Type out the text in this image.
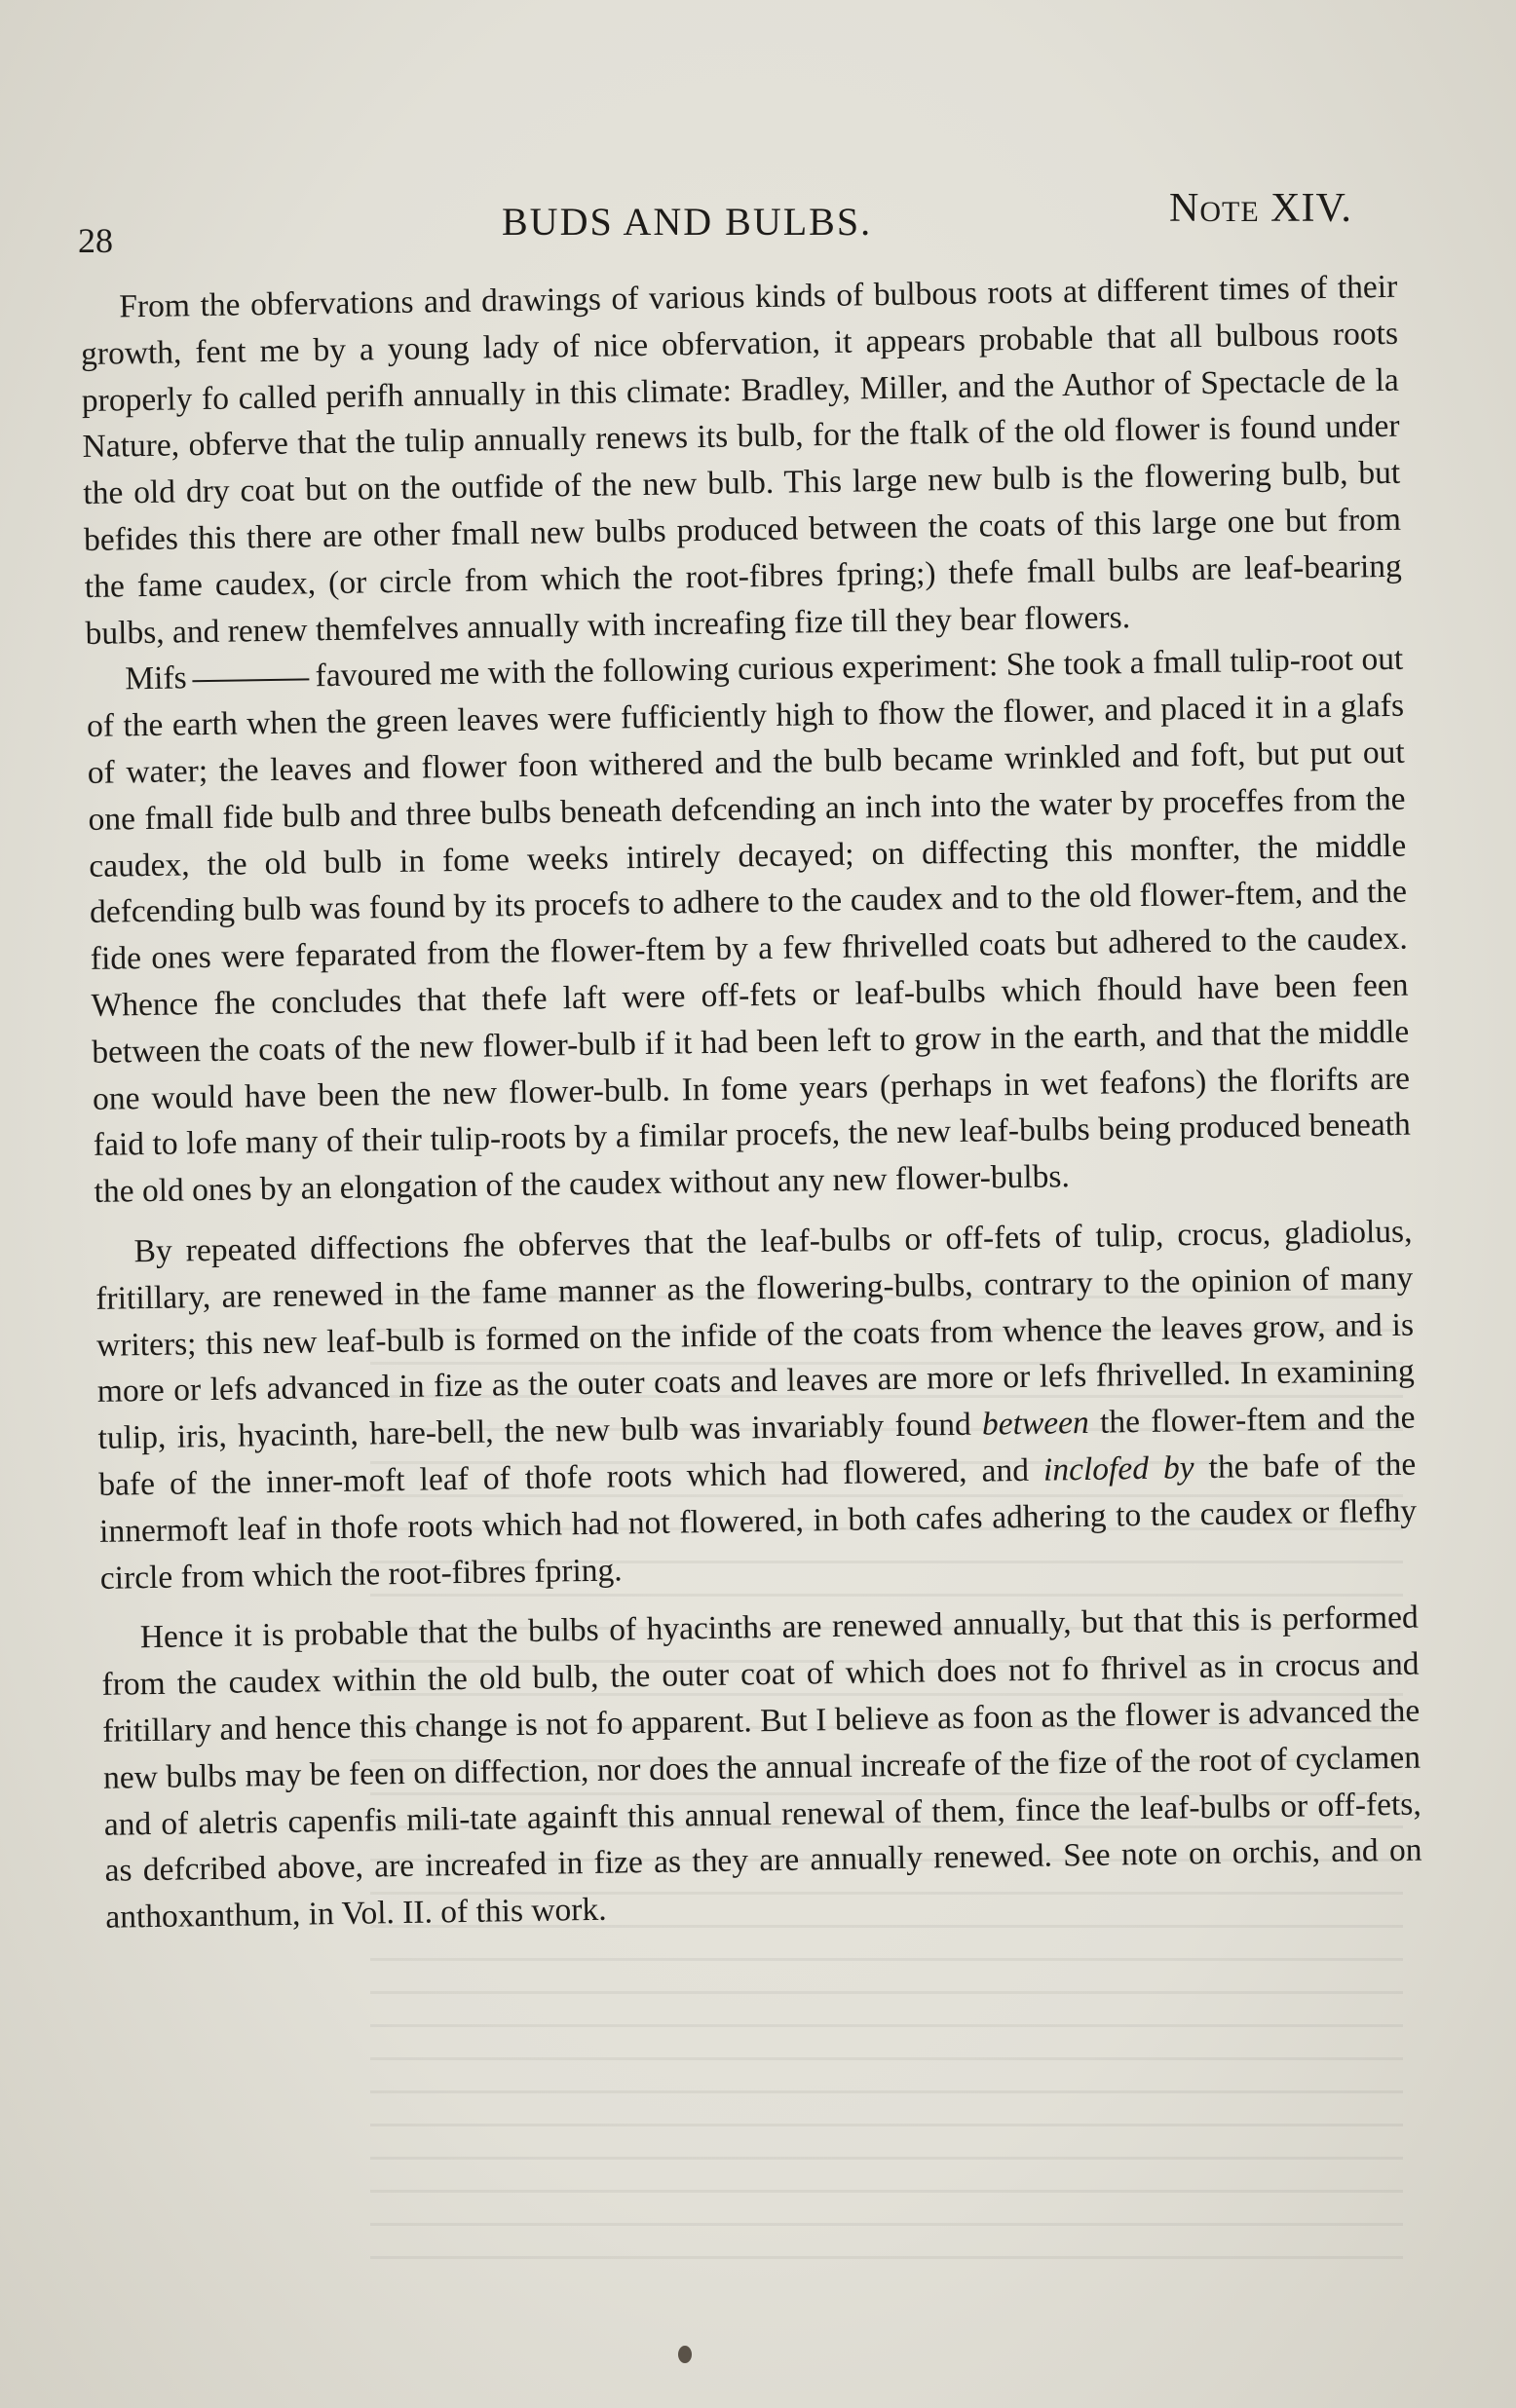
28	BUDS AND BULBS.	NOTE XIV.

From the obfervations and drawings of various kinds of bulbous roots at different times of their growth, fent me by a young lady of nice obfervation, it appears probable that all bulbous roots properly fo called perifh annually in this climate: Bradley, Miller, and the Author of Spectacle de la Nature, obferve that the tulip annually renews its bulb, for the ftalk of the old flower is found under the old dry coat but on the outfide of the new bulb. This large new bulb is the flowering bulb, but befides this there are other fmall new bulbs produced between the coats of this large one but from the fame caudex, (or circle from which the root-fibres fpring;) thefe fmall bulbs are leaf-bearing bulbs, and renew themfelves annually with increafing fize till they bear flowers.

Mifs	favoured me with the following curious experiment: She took a fmall tulip-root out of the earth when the green leaves were fufficiently high to fhow the flower, and placed it in a glafs of water; the leaves and flower foon withered and the bulb became wrinkled and foft, but put out one fmall fide bulb and three bulbs beneath defcending an inch into the water by proceffes from the caudex, the old bulb in fome weeks intirely decayed; on diffecting this monfter, the middle defcending bulb was found by its procefs to adhere to the caudex and to the old flower-ftem, and the fide ones were feparated from the flower-ftem by a few fhrivelled coats but adhered to the caudex. Whence fhe concludes that thefe laft were off-fets or leaf-bulbs which fhould have been feen between the coats of the new flower-bulb if it had been left to grow in the earth, and that the middle one would have been the new flower-bulb. In fome years (perhaps in wet feafons) the florifts are faid to lofe many of their tulip-roots by a fimilar procefs, the new leaf-bulbs being produced beneath the old ones by an elongation of the caudex without any new flower-bulbs.

By repeated diffections fhe obferves that the leaf-bulbs or off-fets of tulip, crocus, gladiolus, fritillary, are renewed in the fame manner as the flowering-bulbs, contrary to the opinion of many writers; this new leaf-bulb is formed on the infide of the coats from whence the leaves grow, and is more or lefs advanced in fize as the outer coats and leaves are more or lefs fhrivelled. In examining tulip, iris, hyacinth, hare-bell, the new bulb was invariably found between the flower-ftem and the bafe of the inner-moft leaf of thofe roots which had flowered, and inclofed by the bafe of the innermoft leaf in thofe roots which had not flowered, in both cafes adhering to the caudex or flefhy circle from which the root-fibres fpring.

Hence it is probable that the bulbs of hyacinths are renewed annually, but that this is performed from the caudex within the old bulb, the outer coat of which does not fo fhrivel as in crocus and fritillary and hence this change is not fo apparent. But I believe as foon as the flower is advanced the new bulbs may be feen on diffection, nor does the annual increafe of the fize of the root of cyclamen and of aletris capenfis mili-tate againft this annual renewal of them, fince the leaf-bulbs or off-fets, as defcribed above, are increafed in fize as they are annually renewed. See note on orchis, and on anthoxanthum, in Vol. II. of this work.
